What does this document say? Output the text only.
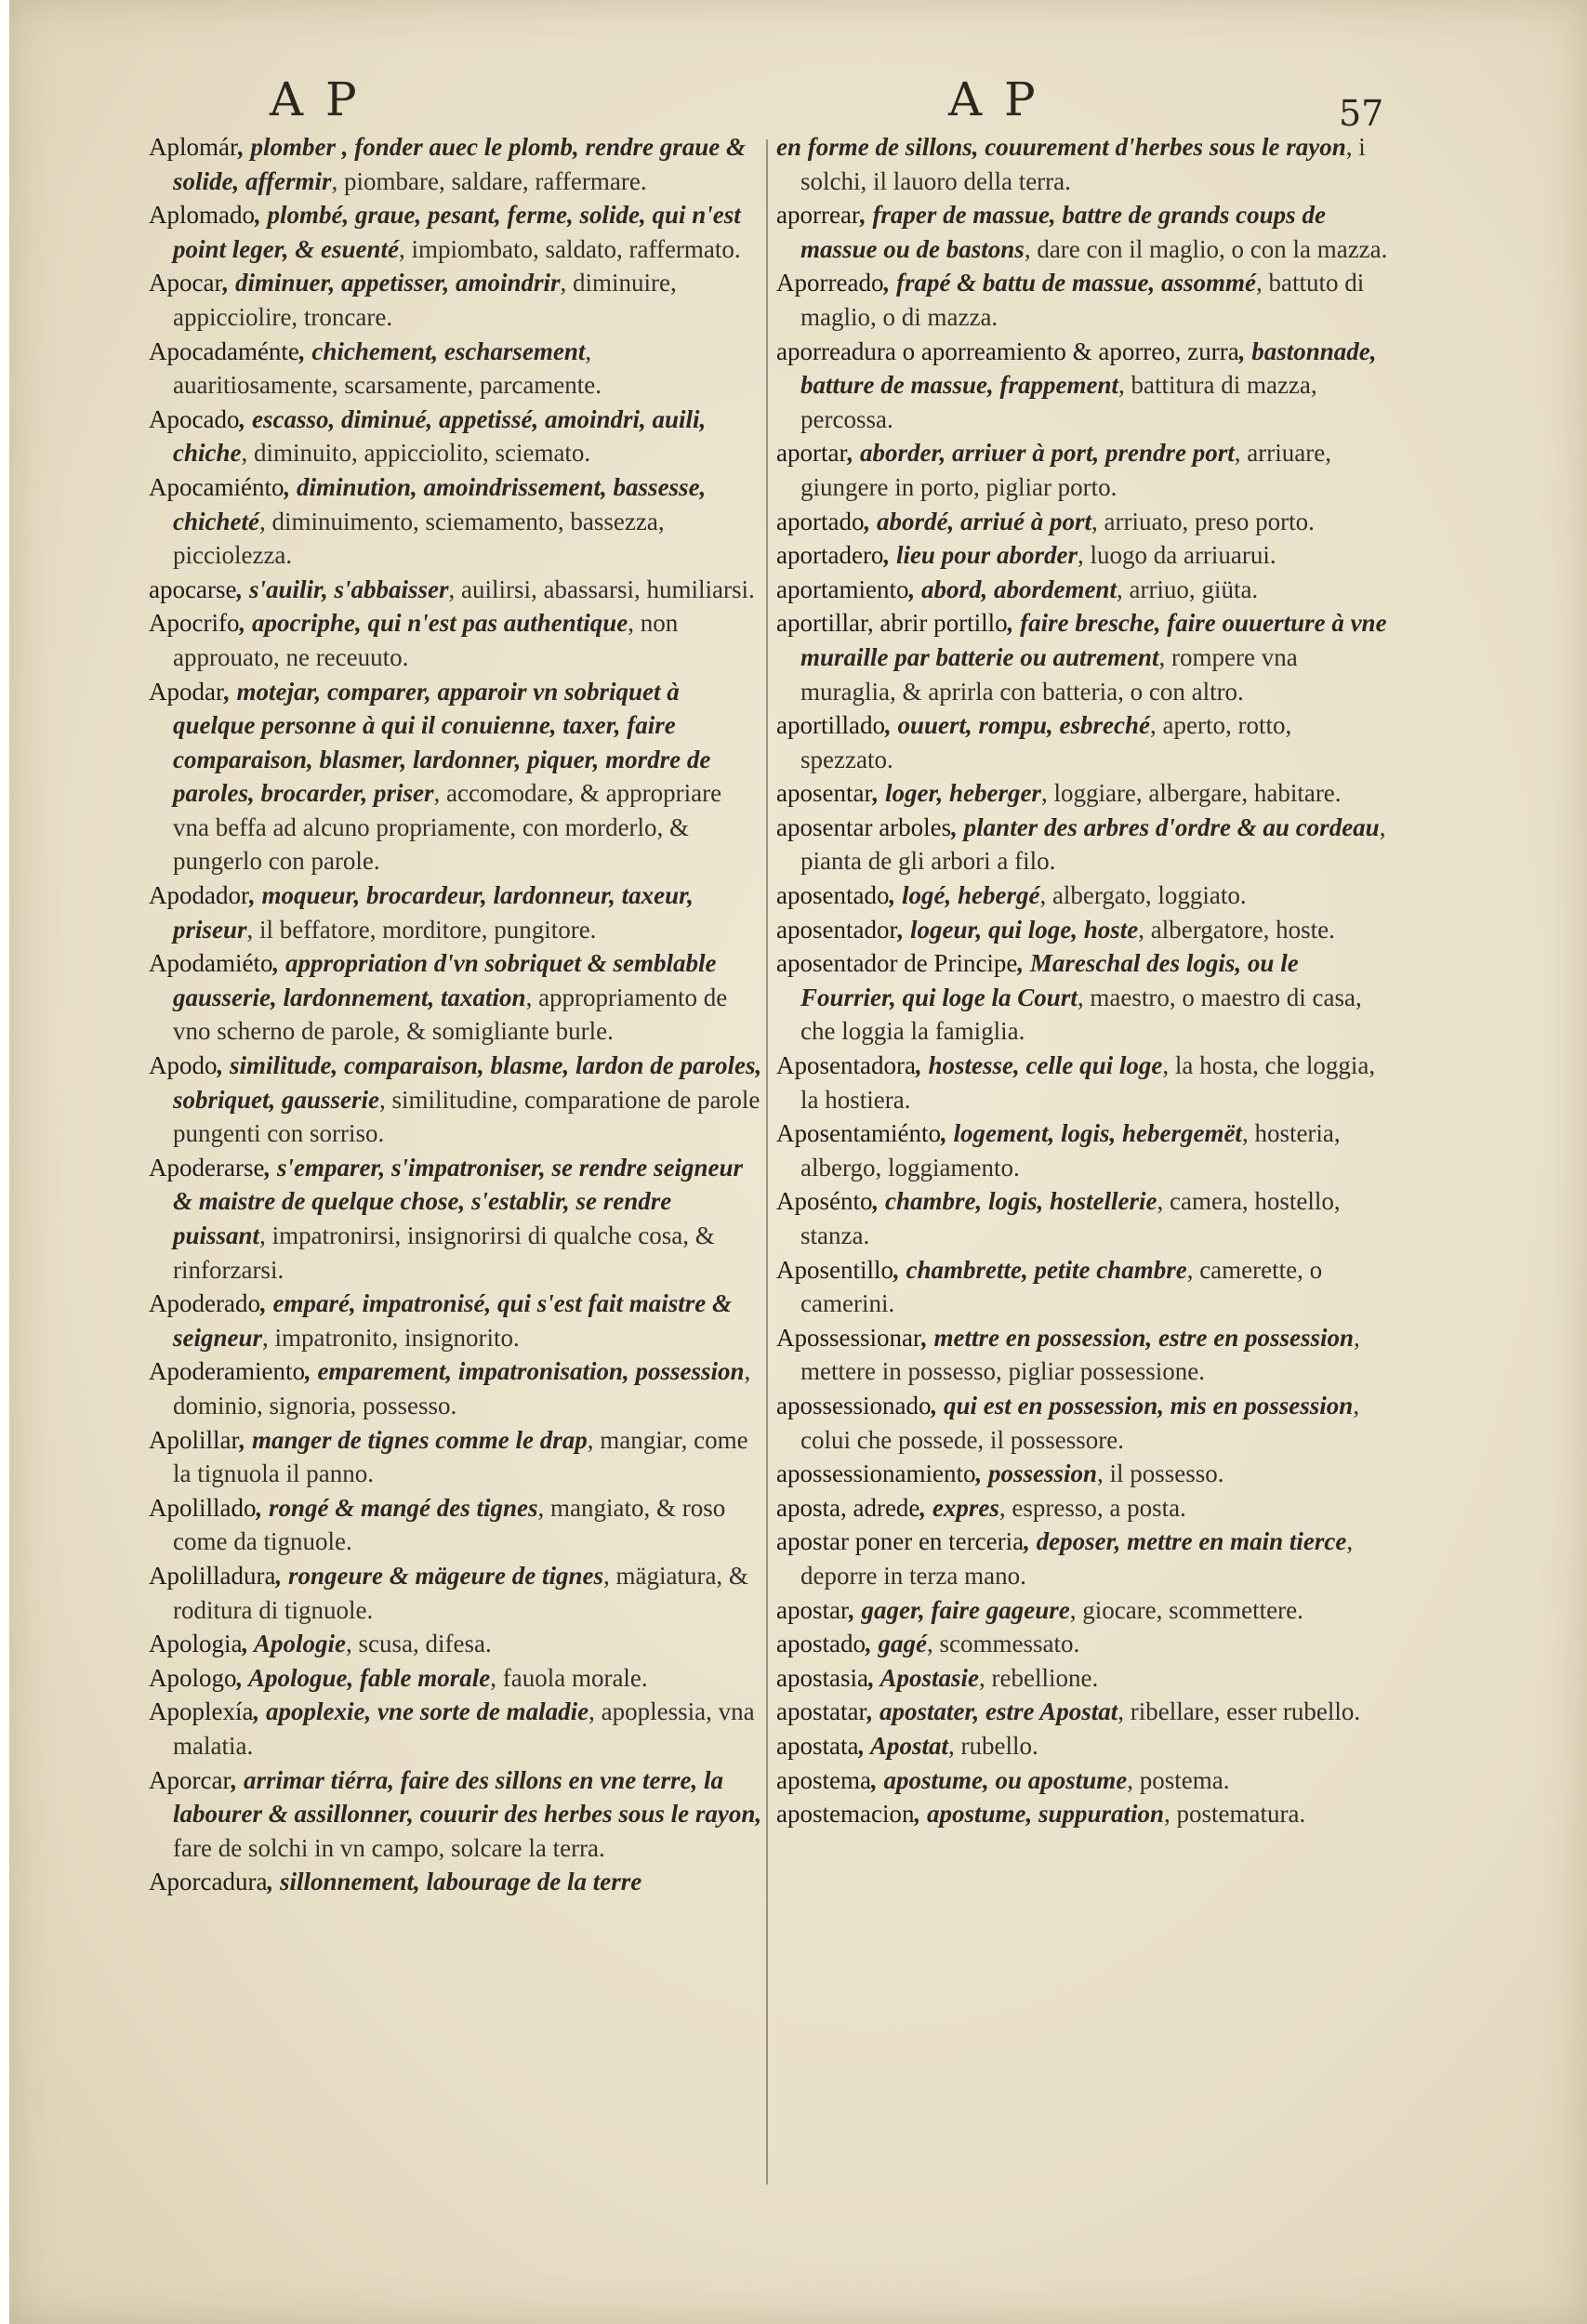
A P	A P	57

Aplomár, plomber , fonder auec le plomb, rendre graue & solide, affermir, piombare, saldare, raffermare.

Aplomado, plombé, graue, pesant, ferme, solide, qui n'est point leger, & esuenté, impiombato, saldato, raffermato.

Apocar, diminuer, appetisser, amoindrir, diminuire, appicciolire, troncare.

Apocadaménte, chichement, escharsement, auaritiosamente, scarsamente, parcamente.

Apocado, escasso, diminué, appetissé, amoindri, auili, chiche, diminuito, appicciolito, sciemato.

Apocamiénto, diminution, amoindrissement, bassesse, chicheté, diminuimento, sciemamento, bassezza, picciolezza.

apocarse, s'auilir, s'abbaisser, auilirsi, abassarsi, humiliarsi.

Apocrifo, apocriphe, qui n'est pas authentique, non approuato, ne receuuto.

Apodar, motejar, comparer, apparoir vn sobriquet à quelque personne à qui il conuienne, taxer, faire comparaison, blasmer, lardonner, piquer, mordre de paroles, brocarder, priser, accomodare, & appropriare vna beffa ad alcuno propriamente, con morderlo, & pungerlo con parole.

Apodador, moqueur, brocardeur, lardonneur, taxeur, priseur, il beffatore, morditore, pungitore.

Apodamiéto, appropriation d'vn sobriquet & semblable gausserie, lardonnement, taxation, appropriamento de vno scherno de parole, & somigliante burle.

Apodo, similitude, comparaison, blasme, lardon de paroles, sobriquet, gausserie, similitudine, comparatione de parole pungenti con sorriso.

Apoderarse, s'emparer, s'impatroniser, se rendre seigneur & maistre de quelque chose, s'establir, se rendre puissant, impatronirsi, insignorirsi di qualche cosa, & rinforzarsi.

Apoderado, emparé, impatronisé, qui s'est fait maistre & seigneur, impatronito, insignorito.

Apoderamiento, emparement, impatronisation, possession, dominio, signoria, possesso.

Apolillar, manger de tignes comme le drap, mangiar, come la tignuola il panno.

Apolillado, rongé & mangé des tignes, mangiato, & roso come da tignuole.

Apolilladura, rongeure & mägeure de tignes, mägiatura, & roditura di tignuole.

Apologia, Apologie, scusa, difesa.

Apologo, Apologue, fable morale, fauola morale.

Apoplexía, apoplexie, vne sorte de maladie, apoplessia, vna malatia.

Aporcar, arrimar tiérra, faire des sillons en vne terre, la labourer & assillonner, couurir des herbes sous le rayon, fare de solchi in vn campo, solcare la terra.

Aporcadura, sillonnement, labourage de la terre

en forme de sillons, couurement d'herbes sous le rayon, i solchi, il lauoro della terra.

aporrear, fraper de massue, battre de grands coups de massue ou de bastons, dare con il maglio, o con la mazza.

Aporreado, frapé & battu de massue, assommé, battuto di maglio, o di mazza.

aporreadura o aporreamiento & aporreo, zurra, bastonnade, batture de massue, frappement, battitura di mazza, percossa.

aportar, aborder, arriuer à port, prendre port, arriuare, giungere in porto, pigliar porto.

aportado, abordé, arriué à port, arriuato, preso porto.

aportadero, lieu pour aborder, luogo da arriuarui.

aportamiento, abord, abordement, arriuo, giüta.

aportillar, abrir portillo, faire bresche, faire ouuerture à vne muraille par batterie ou autrement, rompere vna muraglia, & aprirla con batteria, o con altro.

aportillado, ouuert, rompu, esbreché, aperto, rotto, spezzato.

aposentar, loger, heberger, loggiare, albergare, habitare.

aposentar arboles, planter des arbres d'ordre & au cordeau, pianta de gli arbori a filo.

aposentado, logé, hebergé, albergato, loggiato.

aposentador, logeur, qui loge, hoste, albergatore, hoste.

aposentador de Principe, Mareschal des logis, ou le Fourrier, qui loge la Court, maestro, o maestro di casa, che loggia la famiglia.

Aposentadora, hostesse, celle qui loge, la hosta, che loggia, la hostiera.

Aposentamiénto, logement, logis, hebergemët, hosteria, albergo, loggiamento.

Aposénto, chambre, logis, hostellerie, camera, hostello, stanza.

Aposentillo, chambrette, petite chambre, camerette, o camerini.

Apossessionar, mettre en possession, estre en possession, mettere in possesso, pigliar possessione.

apossessionado, qui est en possession, mis en possession, colui che possede, il possessore.

apossessionamiento, possession, il possesso.

aposta, adrede, expres, espresso, a posta.

apostar poner en terceria, deposer, mettre en main tierce, deporre in terza mano.

apostar, gager, faire gageure, giocare, scommettere.

apostado, gagé, scommessato.

apostasia, Apostasie, rebellione.

apostatar, apostater, estre Apostat, ribellare, esser rubello.

apostata, Apostat, rubello.

apostema, apostume, ou apostume, postema.

apostemacion, apostume, suppuration, postematura.
